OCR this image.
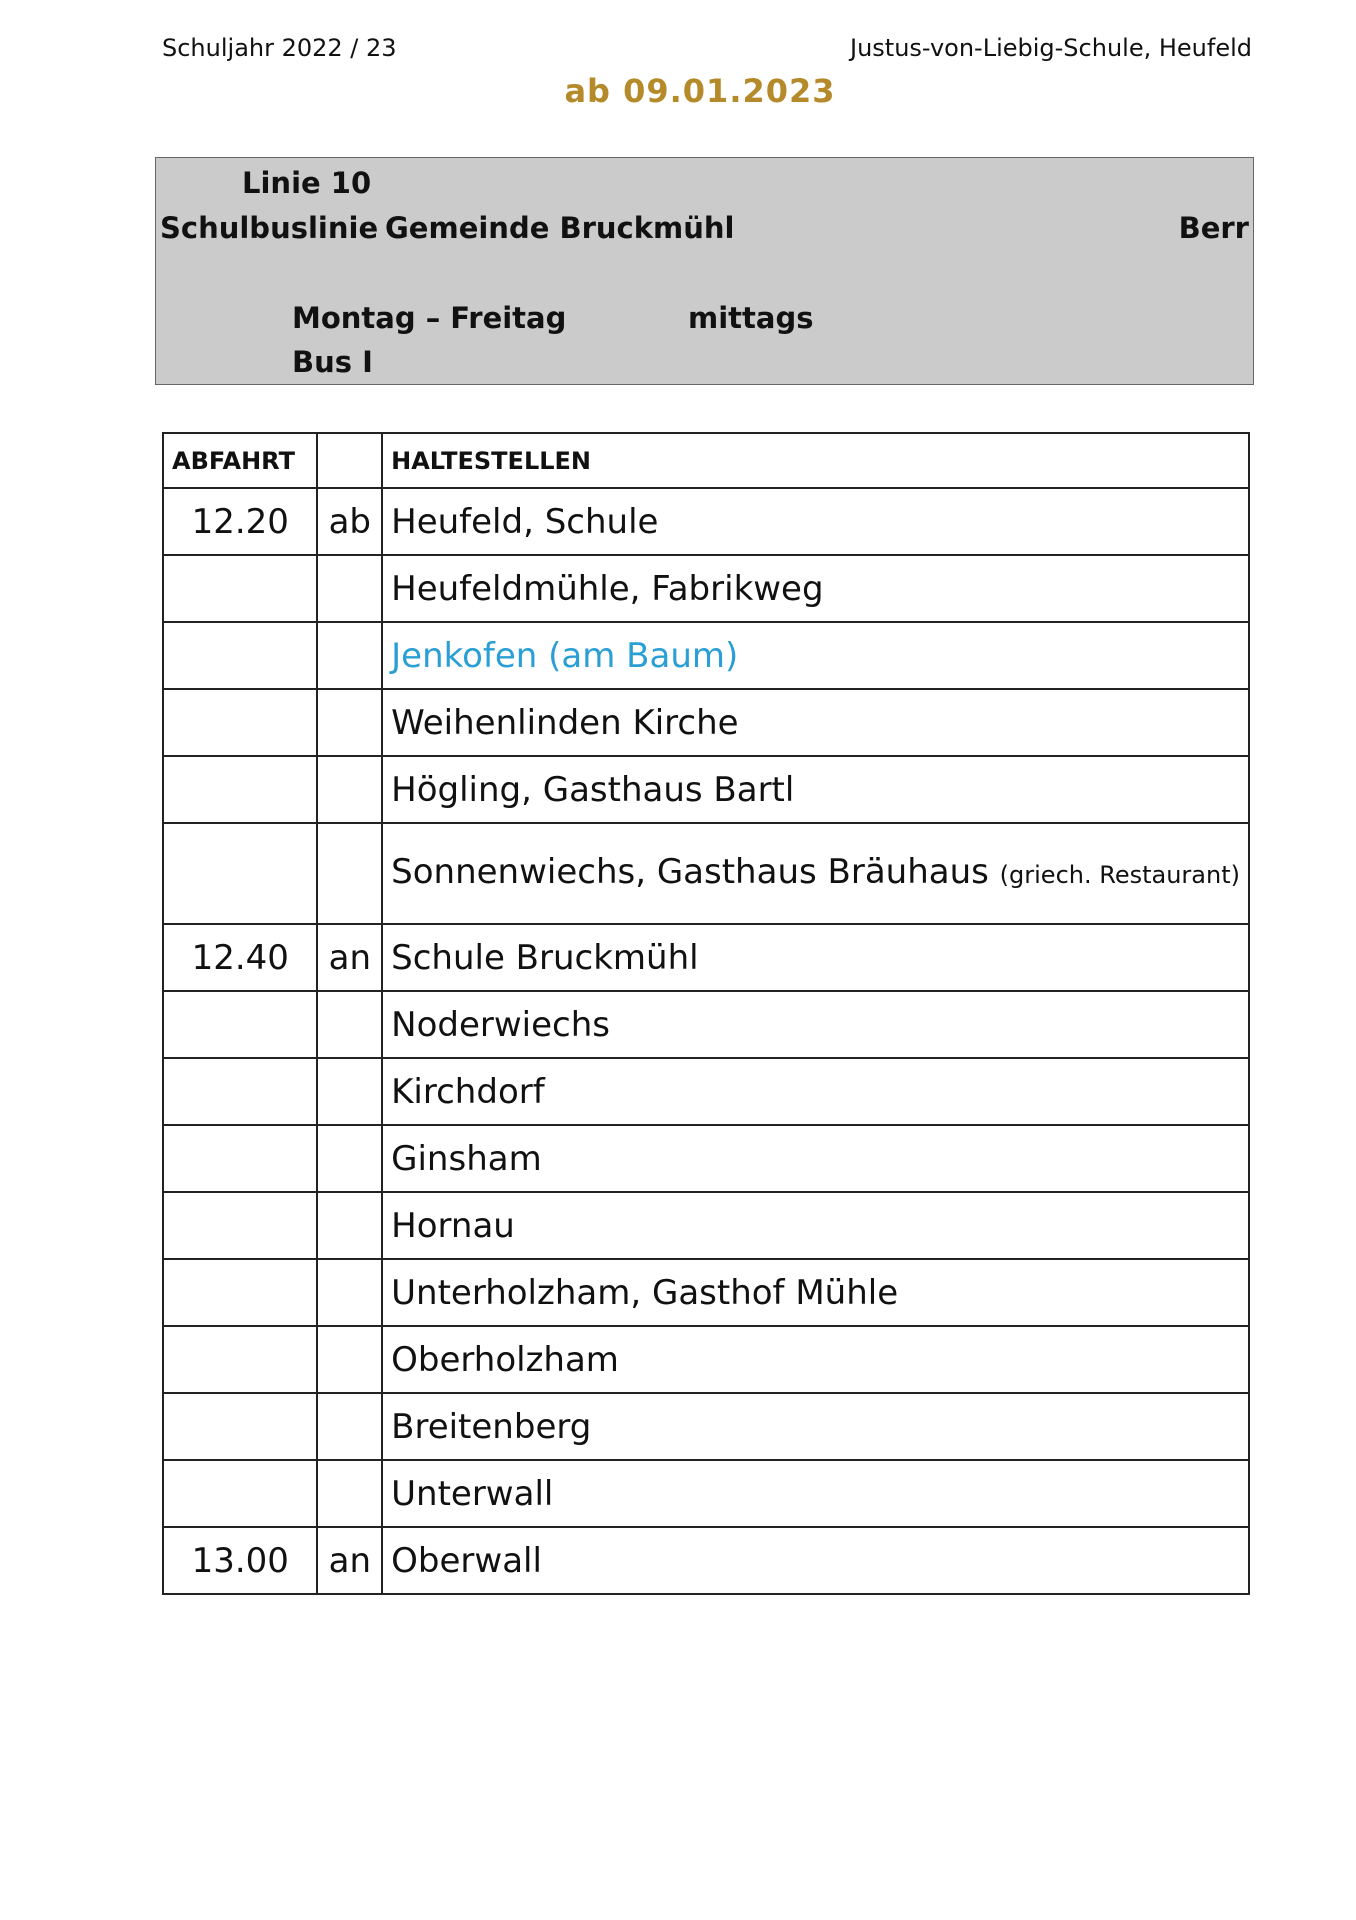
Schuljahr 2022 / 23	Justus-von-Liebig-Schule, Heufeld
ab 09.01.2023
Linie 10
Schulbuslinie Gemeinde Bruckmühl	Berr
Montag – Freitag	mittags
Bus I
ABFAHRT		HALTESTELLEN
12.20	ab	Heufeld, Schule
		Heufeldmühle, Fabrikweg
		Jenkofen (am Baum)
		Weihenlinden Kirche
		Högling, Gasthaus Bartl
		Sonnenwiechs, Gasthaus Bräuhaus (griech. Restaurant)
12.40	an	Schule Bruckmühl
		Noderwiechs
		Kirchdorf
		Ginsham
		Hornau
		Unterholzham, Gasthof Mühle
		Oberholzham
		Breitenberg
		Unterwall
13.00	an	Oberwall
